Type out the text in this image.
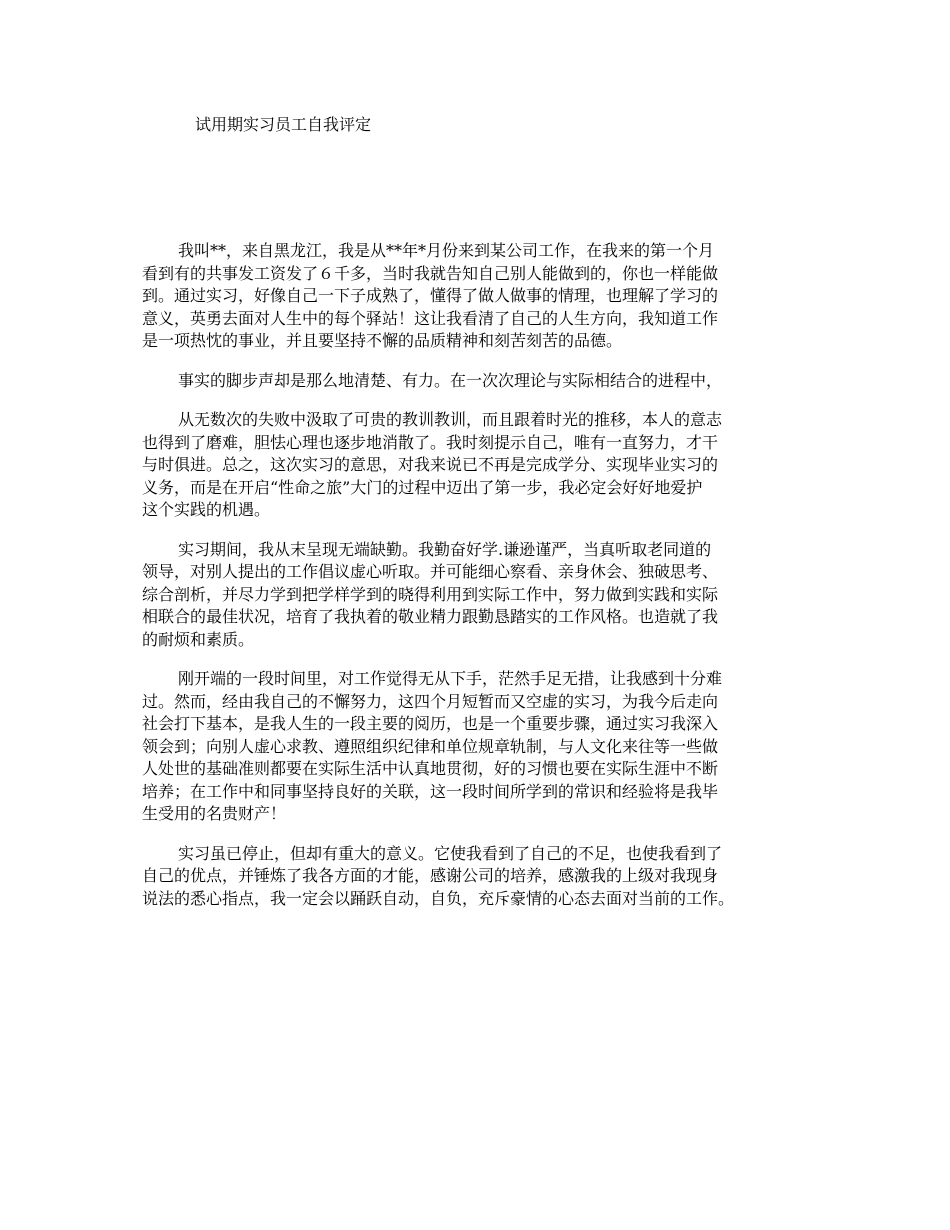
试用期实习员工自我评定

我叫**，来自黑龙江，我是从**年*月份来到某公司工作，在我来的第一个月
看到有的共事发工资发了６千多，当时我就告知自己别人能做到的，你也一样能做
到。通过实习，好像自己一下子成熟了，懂得了做人做事的情理，也理解了学习的
意义，英勇去面对人生中的每个驿站！这让我看清了自己的人生方向，我知道工作
是一项热忱的事业，并且要坚持不懈的品质精神和刻苦刻苦的品德。

事实的脚步声却是那么地清楚、有力。在一次次理论与实际相结合的进程中，

从无数次的失败中汲取了可贵的教训教训，而且跟着时光的推移，本人的意志
也得到了磨难，胆怯心理也逐步地消散了。我时刻提示自己，唯有一直努力，才干
与时俱进。总之，这次实习的意思，对我来说已不再是完成学分、实现毕业实习的
义务，而是在开启“性命之旅”大门的过程中迈出了第一步，我必定会好好地爱护
这个实践的机遇。

实习期间，我从末呈现无端缺勤。我勤奋好学.谦逊谨严，当真听取老同道的
领导，对别人提出的工作倡议虚心听取。并可能细心察看、亲身休会、独破思考、
综合剖析，并尽力学到把学样学到的晓得利用到实际工作中，努力做到实践和实际
相联合的最佳状况，培育了我执着的敬业精力跟勤恳踏实的工作风格。也造就了我
的耐烦和素质。

刚开端的一段时间里，对工作觉得无从下手，茫然手足无措，让我感到十分难
过。然而，经由我自己的不懈努力，这四个月短暂而又空虚的实习，为我今后走向
社会打下基本，是我人生的一段主要的阅历，也是一个重要步骤，通过实习我深入
领会到；向别人虚心求教、遵照组织纪律和单位规章轨制，与人文化来往等一些做
人处世的基础准则都要在实际生活中认真地贯彻，好的习惯也要在实际生涯中不断
培养；在工作中和同事坚持良好的关联，这一段时间所学到的常识和经验将是我毕
生受用的名贵财产！

实习虽已停止，但却有重大的意义。它使我看到了自己的不足，也使我看到了
自己的优点，并锤炼了我各方面的才能，感谢公司的培养，感激我的上级对我现身
说法的悉心指点，我一定会以踊跃自动，自负，充斥豪情的心态去面对当前的工作。
